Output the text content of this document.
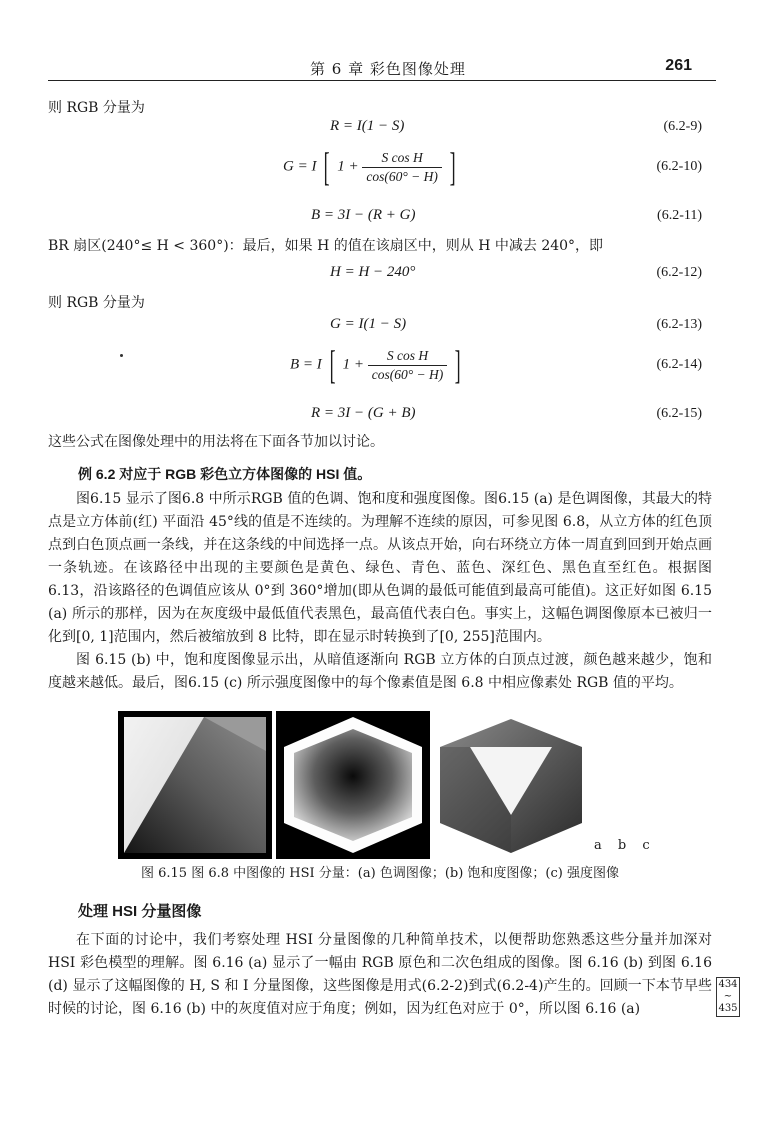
第 6 章 彩色图像处理	261
则 RGB 分量为
R = I(1 − S)	(6.2-9)
G = I [ $1 + \frac{\text{S cos H}}{\cos(60^\circ - H)}$ ]	(6.2-10)
B = 3I − (R + G)	(6.2-11)
BR 扇区(240°≤ H < 360°)：最后，如果 H 的值在该扇区中，则从 H 中减去 240°，即
H = H − 240°	(6.2-12)
则 RGB 分量为
G = I(1 − S)	(6.2-13)
B = I [ $1 + \frac{\text{S cos H}}{\cos(60^\circ - H)}$ ]	(6.2-14)
R = 3I − (G + B)	(6.2-15)
这些公式在图像处理中的用法将在下面各节加以讨论。
例 6.2 对应于 RGB 彩色立方体图像的 HSI 值。

图6.15 显示了图6.8 中所示RGB 值的色调、饱和度和强度图像。图6.15 (a) 是色调图像，其最大的特点是立方体前(红) 平面沿 45°线的值是不连续的。为理解不连续的原因，可参见图 6.8，从立方体的红色顶点到白色顶点画一条线，并在这条线的中间选择一点。从该点开始，向右环绕立方体一周直到回到开始点画一条轨迹。在该路径中出现的主要颜色是黄色、绿色、青色、蓝色、深红色、黑色直至红色。根据图 6.13，沿该路径的色调值应该从 0°到 360°增加(即从色调的最低可能值到最高可能值)。这正好如图 6.15 (a) 所示的那样，因为在灰度级中最低值代表黑色，最高值代表白色。事实上，这幅色调图像原本已被归一化到[0, 1]范围内，然后被缩放到 8 比特，即在显示时转换到了[0, 255]范围内。

图 6.15 (b) 中，饱和度图像显示出，从暗值逐渐向 RGB 立方体的白顶点过渡，颜色越来越少，饱和度越来越低。最后，图6.15 (c) 所示强度图像中的每个像素值是图 6.8 中相应像素处 RGB 值的平均。

a b c
图 6.15 图 6.8 中图像的 HSI 分量：(a) 色调图像；(b) 饱和度图像；(c) 强度图像
处理 HSI 分量图像

在下面的讨论中，我们考察处理 HSI 分量图像的几种简单技术，以便帮助您熟悉这些分量并加深对 HSI 彩色模型的理解。图 6.16 (a) 显示了一幅由 RGB 原色和二次色组成的图像。图 6.16 (b) 到图 6.16 (d) 显示了这幅图像的 H, S 和 I 分量图像，这些图像是用式(6.2-2)到式(6.2-4)产生的。回顾一下本节早些时候的讨论，图 6.16 (b) 中的灰度值对应于角度；例如，因为红色对应于 0°，所以图 6.16 (a)

434
~
435
